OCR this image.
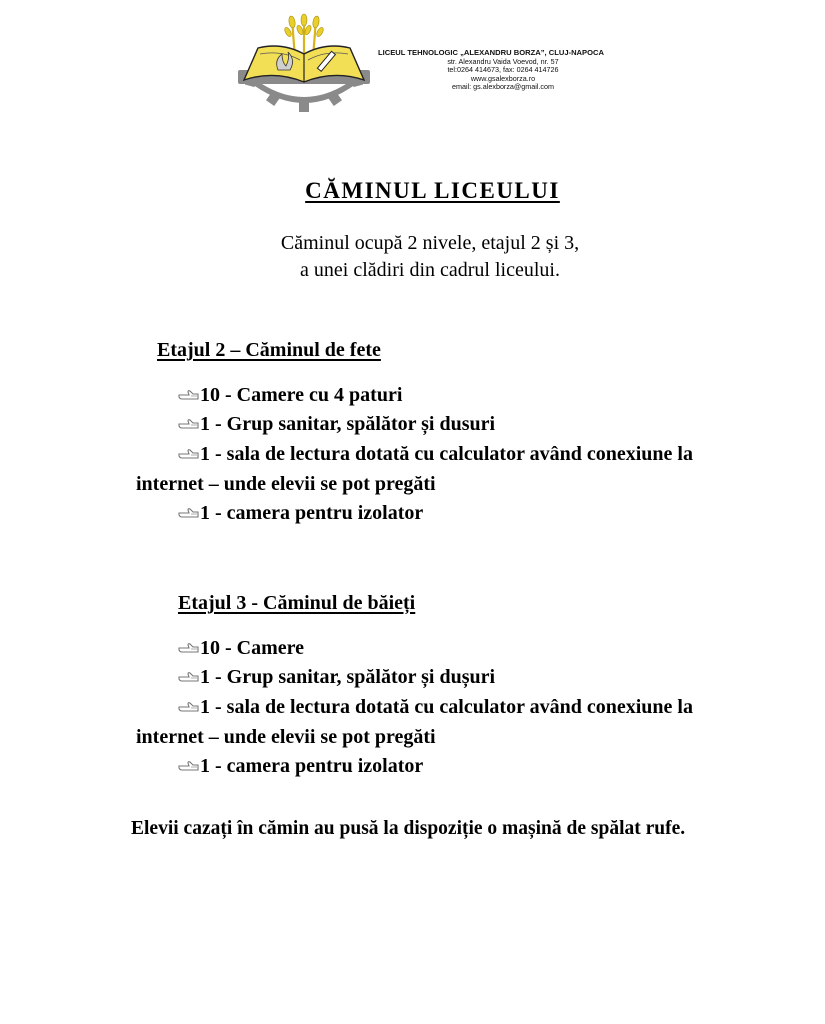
LICEUL TEHNOLOGIC „ALEXANDRU BORZA”, CLUJ-NAPOCA
str. Alexandru Vaida Voevod, nr. 57
tel:0264 414673, fax: 0264 414726
www.gsalexborza.ro
email: gs.alexborza@gmail.com
CĂMINUL LICEULUI
Căminul ocupă 2 nivele, etajul 2 și 3,
a unei clădiri din cadrul liceului.
Etajul 2 – Căminul de fete
10 - Camere cu 4 paturi
1 - Grup sanitar, spălător și dusuri
1 - sala de lectura dotată cu calculator având conexiune la
internet – unde elevii se pot pregăti
1 - camera pentru izolator
Etajul 3 - Căminul de băieți
10 - Camere
1 - Grup sanitar, spălător și dușuri
1 - sala de lectura dotată cu calculator având conexiune la
internet – unde elevii se pot pregăti
1 - camera pentru izolator
Elevii cazați în cămin au pusă la dispoziție o mașină de spălat rufe.
